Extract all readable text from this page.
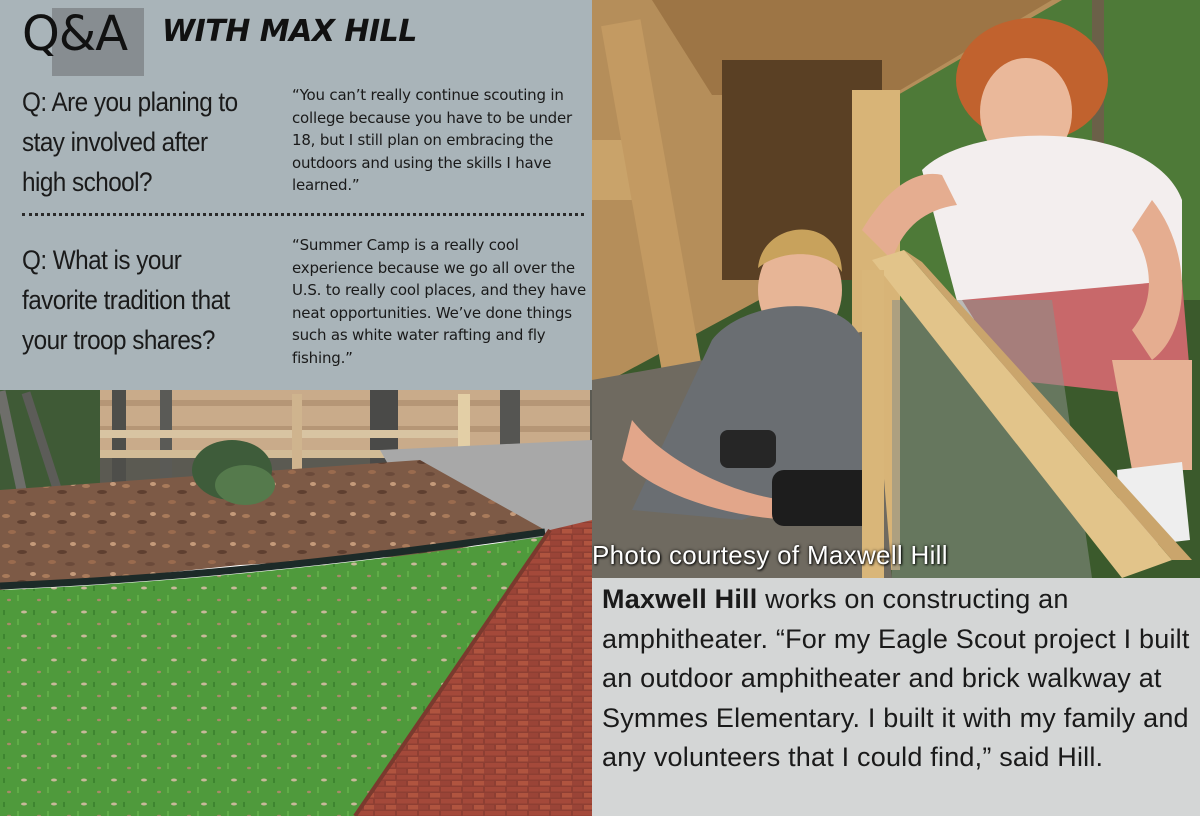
Q&A WITH MAX HILL
Q: Are you planing to stay involved after high school?
“You can’t really continue scouting in college because you have to be under 18, but I still plan on embracing the outdoors and using the skills I have learned.”
Q: What is your favorite tradition that your troop shares?
“Summer Camp is a really cool experience because we go all over the U.S. to really cool places, and they have neat opportunities. We’ve done things such as white water rafting and fly fishing.”
Photo courtesy of Maxwell Hill
Maxwell Hill works on constructing an amphitheater. “For my Eagle Scout project I built an outdoor amphitheater and brick walkway at Symmes Elementary. I built it with my family and any volunteers that I could find,” said Hill.
